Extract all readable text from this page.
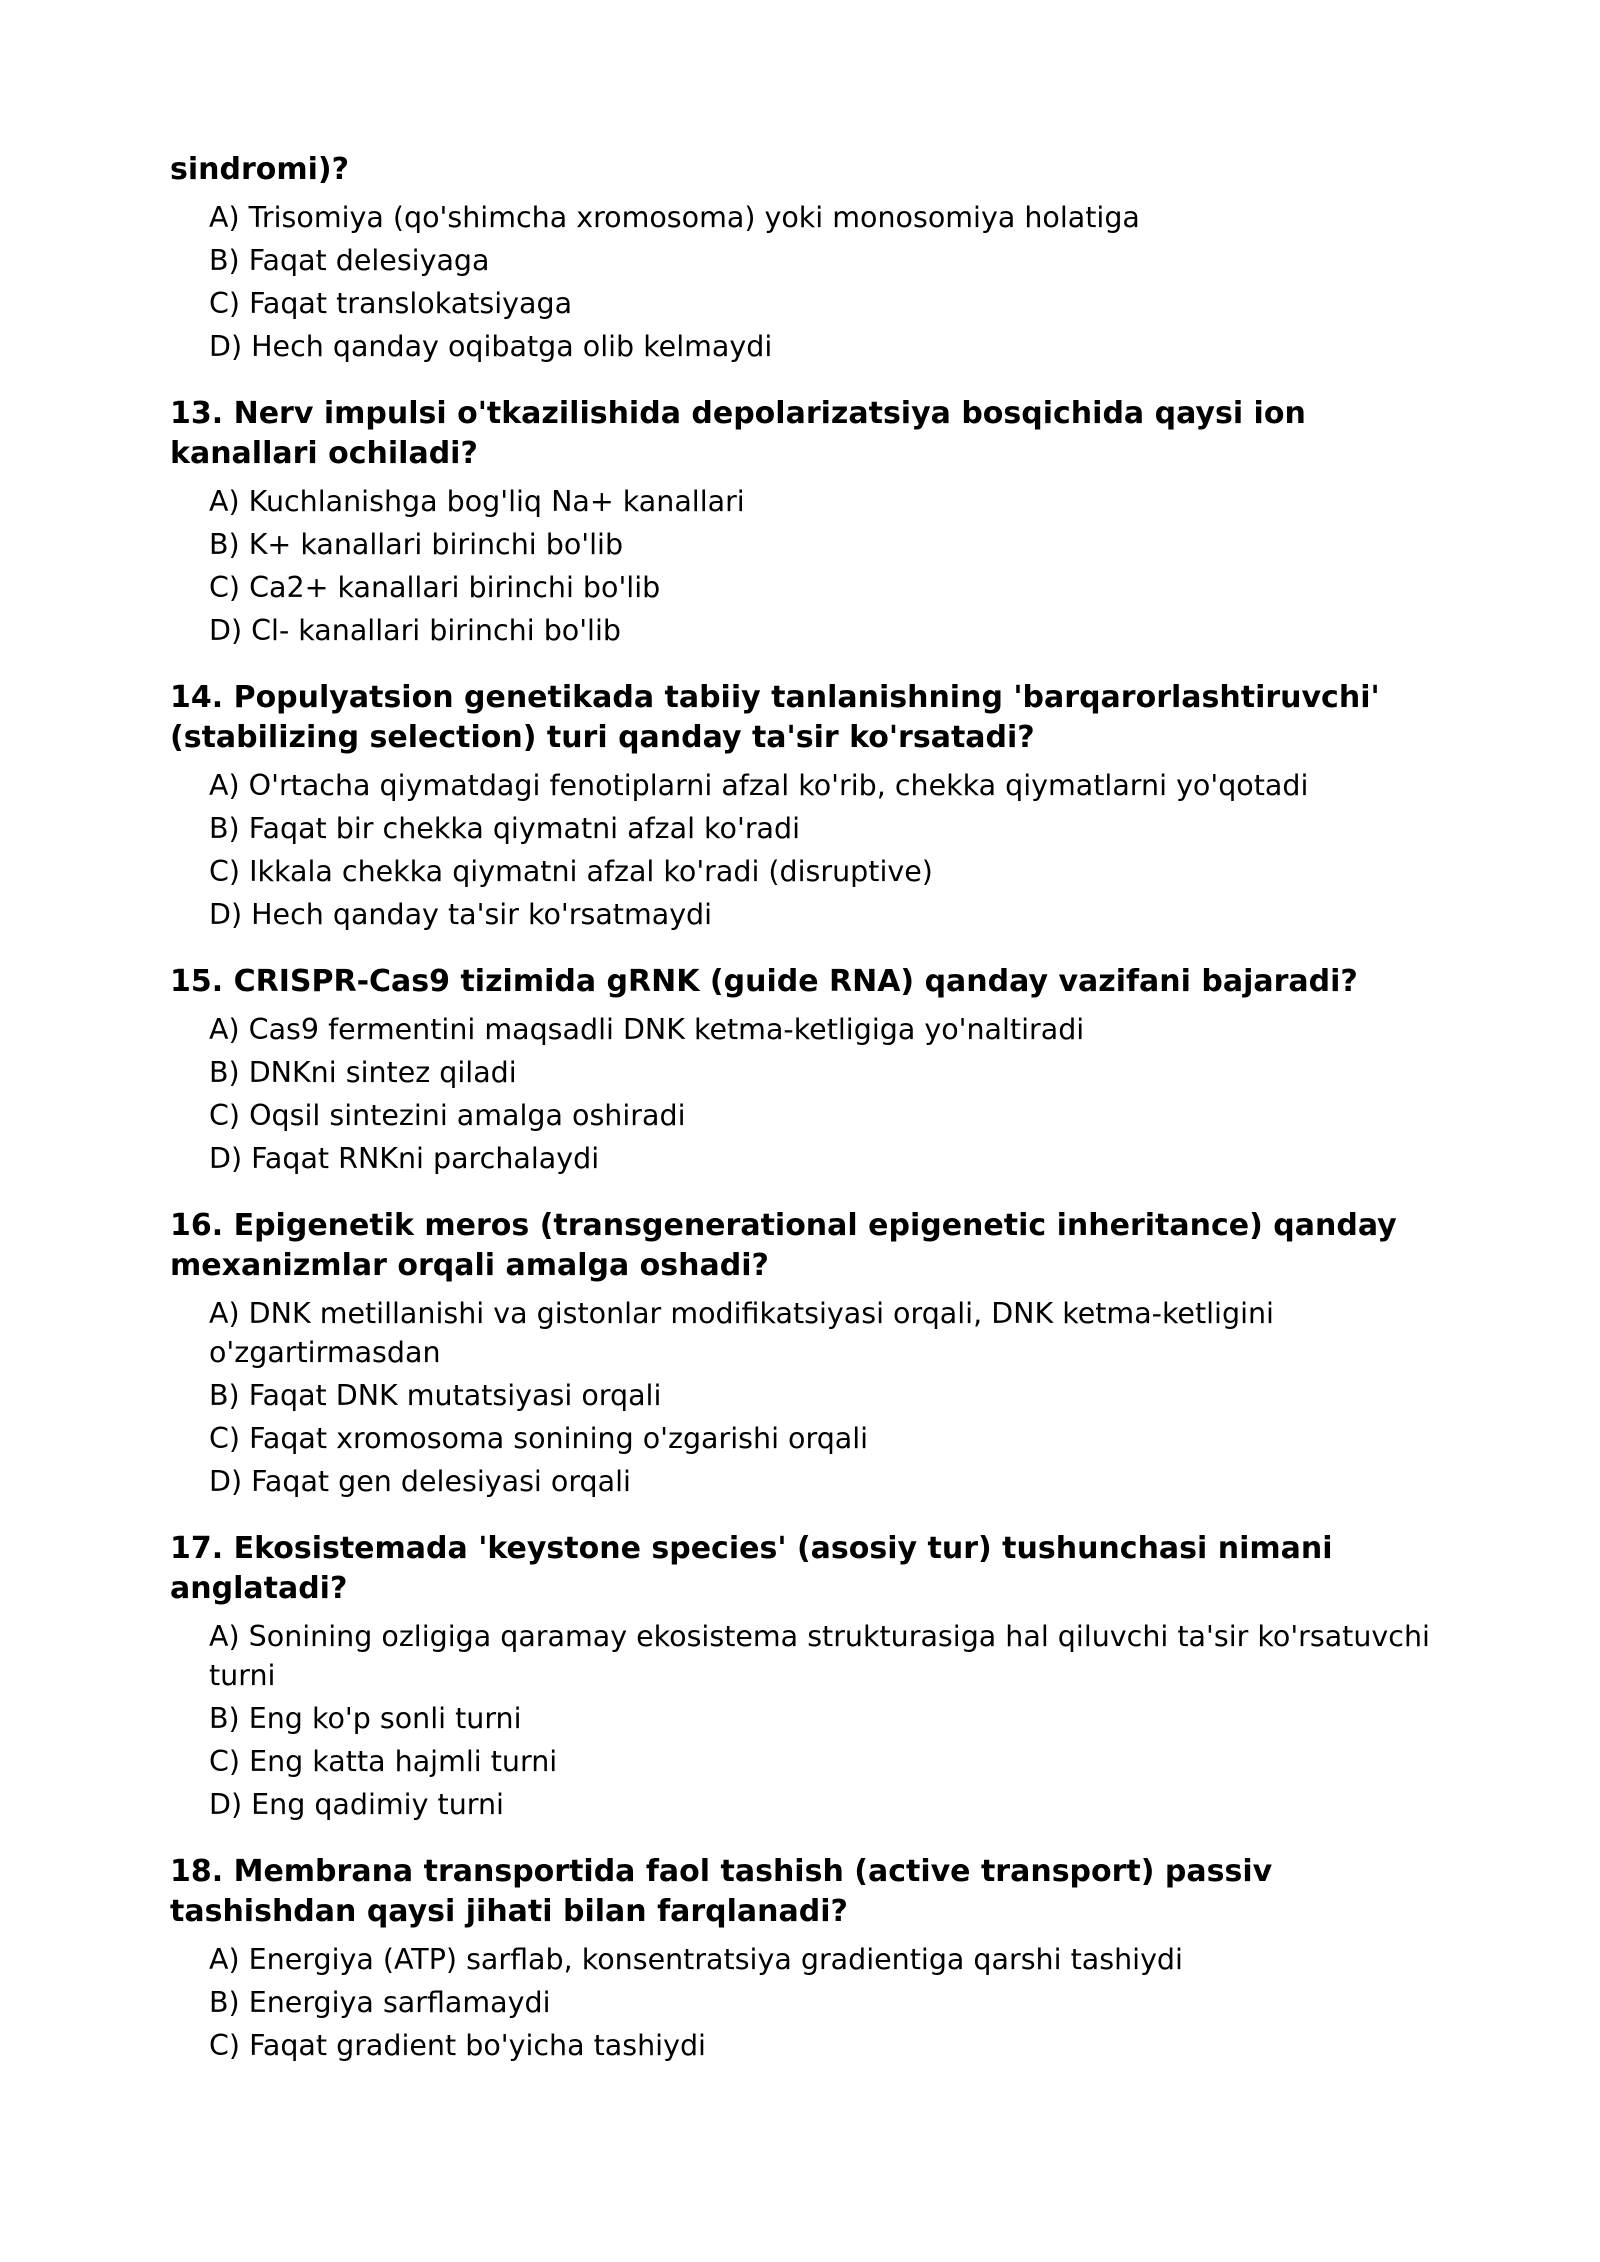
sindromi)?

A) Trisomiya (qo'shimcha xromosoma) yoki monosomiya holatiga
B) Faqat delesiyaga
C) Faqat translokatsiyaga
D) Hech qanday oqibatga olib kelmaydi

13. Nerv impulsi o'tkazilishida depolarizatsiya bosqichida qaysi ion kanallari ochiladi?

A) Kuchlanishga bog'liq Na+ kanallari
B) K+ kanallari birinchi bo'lib
C) Ca2+ kanallari birinchi bo'lib
D) Cl- kanallari birinchi bo'lib

14. Populyatsion genetikada tabiiy tanlanishning 'barqarorlashtiruvchi' (stabilizing selection) turi qanday ta'sir ko'rsatadi?

A) O'rtacha qiymatdagi fenotiplarni afzal ko'rib, chekka qiymatlarni yo'qotadi
B) Faqat bir chekka qiymatni afzal ko'radi
C) Ikkala chekka qiymatni afzal ko'radi (disruptive)
D) Hech qanday ta'sir ko'rsatmaydi

15. CRISPR-Cas9 tizimida gRNK (guide RNA) qanday vazifani bajaradi?

A) Cas9 fermentini maqsadli DNK ketma-ketligiga yo'naltiradi
B) DNKni sintez qiladi
C) Oqsil sintezini amalga oshiradi
D) Faqat RNKni parchalaydi

16. Epigenetik meros (transgenerational epigenetic inheritance) qanday mexanizmlar orqali amalga oshadi?

A) DNK metillanishi va gistonlar modifikatsiyasi orqali, DNK ketma-ketligini o'zgartirmasdan
B) Faqat DNK mutatsiyasi orqali
C) Faqat xromosoma sonining o'zgarishi orqali
D) Faqat gen delesiyasi orqali

17. Ekosistemada 'keystone species' (asosiy tur) tushunchasi nimani anglatadi?

A) Sonining ozligiga qaramay ekosistema strukturasiga hal qiluvchi ta'sir ko'rsatuvchi turni
B) Eng ko'p sonli turni
C) Eng katta hajmli turni
D) Eng qadimiy turni

18. Membrana transportida faol tashish (active transport) passiv tashishdan qaysi jihati bilan farqlanadi?

A) Energiya (ATP) sarflab, konsentratsiya gradientiga qarshi tashiydi
B) Energiya sarflamaydi
C) Faqat gradient bo'yicha tashiydi
